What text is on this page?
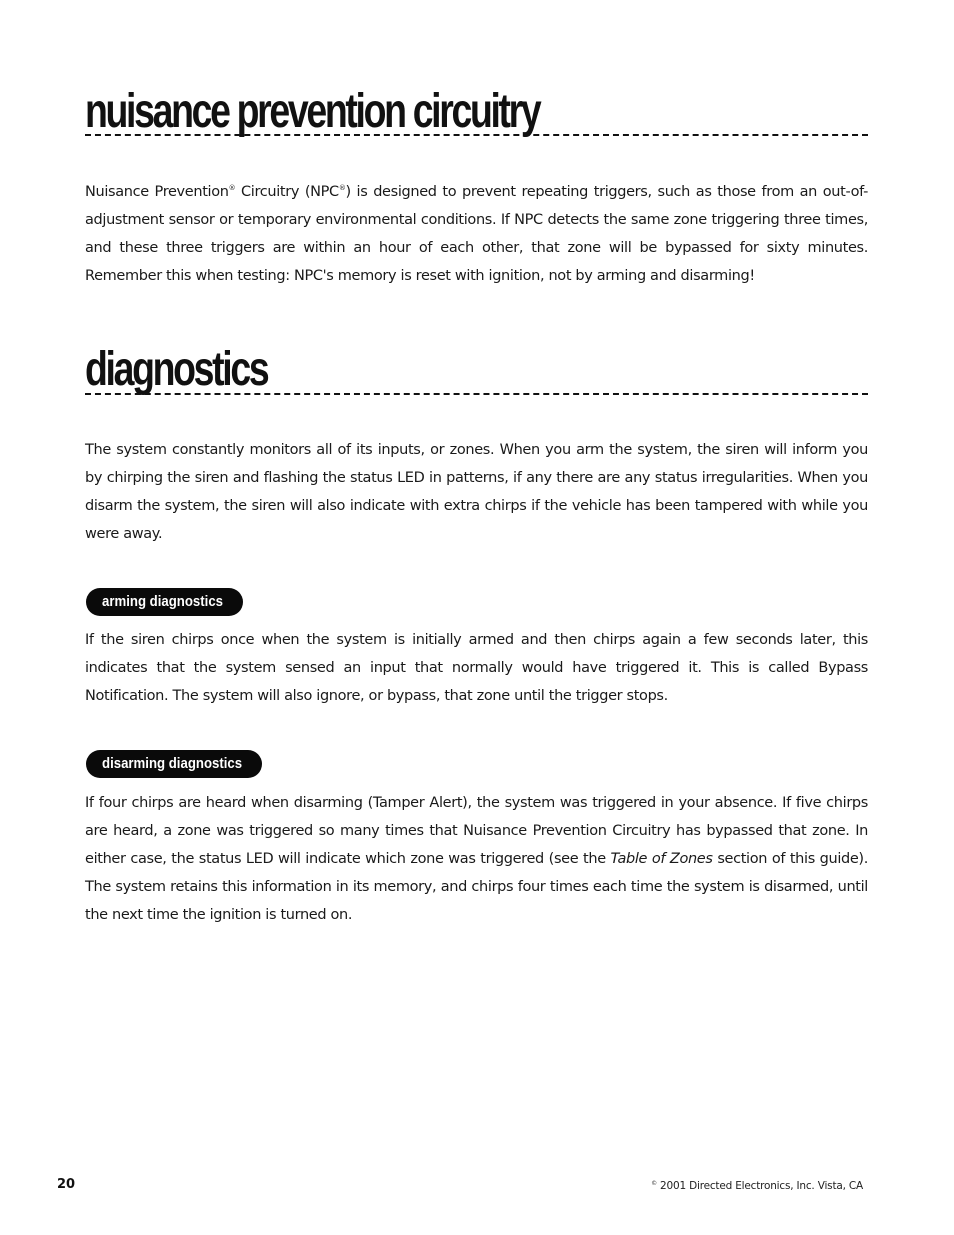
nuisance prevention circuitry

Nuisance Prevention® Circuitry (NPC®) is designed to prevent repeating triggers, such as those from an out-of-adjustment sensor or temporary environmental conditions. If NPC detects the same zone triggering three times, and these three triggers are within an hour of each other, that zone will be bypassed for sixty minutes. Remember this when testing: NPC's memory is reset with ignition, not by arming and disarming!

diagnostics

The system constantly monitors all of its inputs, or zones. When you arm the system, the siren will inform you by chirping the siren and flashing the status LED in patterns, if any there are any status irregularities. When you disarm the system, the siren will also indicate with extra chirps if the vehicle has been tampered with while you were away.

arming diagnostics

If the siren chirps once when the system is initially armed and then chirps again a few seconds later, this indicates that the system sensed an input that normally would have triggered it. This is called Bypass Notification. The system will also ignore, or bypass, that zone until the trigger stops.

disarming diagnostics

If four chirps are heard when disarming (Tamper Alert), the system was triggered in your absence. If five chirps are heard, a zone was triggered so many times that Nuisance Prevention Circuitry has bypassed that zone. In either case, the status LED will indicate which zone was triggered (see the Table of Zones section of this guide). The system retains this information in its memory, and chirps four times each time the system is disarmed, until the next time the ignition is turned on.

20	© 2001 Directed Electronics, Inc. Vista, CA
